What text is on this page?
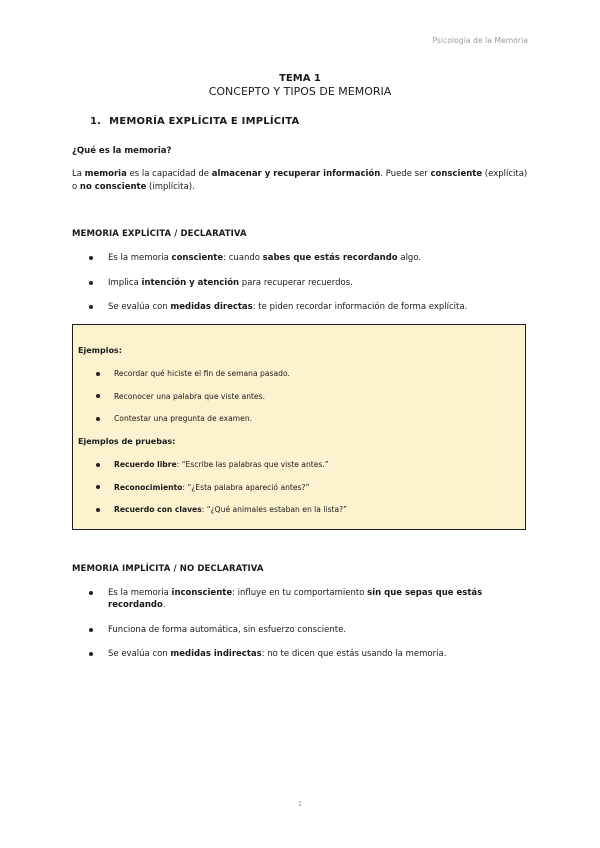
Psicología de la Memoria
TEMA 1
CONCEPTO Y TIPOS DE MEMORIA
1. MEMORÍA EXPLÍCITA E IMPLÍCITA
¿Qué es la memoria?
La memoria es la capacidad de almacenar y recuperar información. Puede ser consciente (explícita) o no consciente (implícita).
MEMORIA EXPLÍCITA / DECLARATIVA
Es la memoria consciente: cuando sabes que estás recordando algo.
Implica intención y atención para recuperar recuerdos.
Se evalúa con medidas directas: te piden recordar información de forma explícita.
Ejemplos:
Recordar qué hiciste el fin de semana pasado.
Reconocer una palabra que viste antes.
Contestar una pregunta de examen.
Ejemplos de pruebas:
Recuerdo libre: “Escribe las palabras que viste antes.”
Reconocimiento: “¿Esta palabra apareció antes?”
Recuerdo con claves: “¿Qué animales estaban en la lista?”
MEMORIA IMPLÍCITA / NO DECLARATIVA
Es la memoria inconsciente: influye en tu comportamiento sin que sepas que estás recordando.
Funciona de forma automática, sin esfuerzo consciente.
Se evalúa con medidas indirectas: no te dicen que estás usando la memoria.
1
